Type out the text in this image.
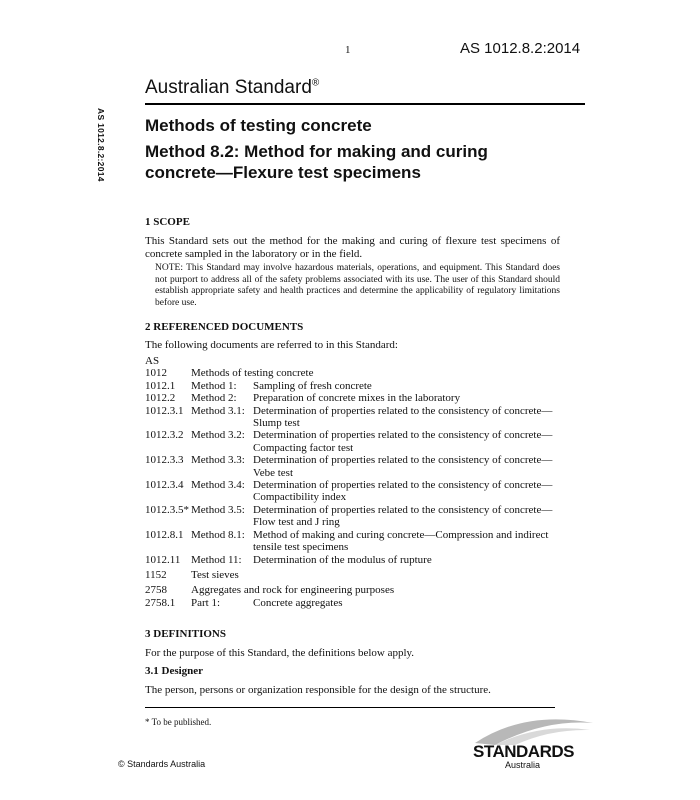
1	AS 1012.8.2:2014
Australian Standard®
AS 1012.8.2:2014 Methods of testing concrete
Method 8.2: Method for making and curing
concrete—Flexure test specimens
1 SCOPE
This Standard sets out the method for the making and curing of flexure test specimens of concrete sampled in the laboratory or in the field.
NOTE: This Standard may involve hazardous materials, operations, and equipment. This Standard does not purport to address all of the safety problems associated with its use. The user of this Standard should establish appropriate safety and health practices and determine the applicability of regulatory limitations before use.
2 REFERENCED DOCUMENTS
The following documents are referred to in this Standard:
AS
1012	Methods of testing concrete
1012.1	Method 1:	Sampling of fresh concrete
1012.2	Method 2:	Preparation of concrete mixes in the laboratory
1012.3.1 Method 3.1: Determination of properties related to the consistency of concrete—
Slump test
1012.3.2 Method 3.2: Determination of properties related to the consistency of concrete—
Compacting factor test
1012.3.3 Method 3.3: Determination of properties related to the consistency of concrete—
Vebe test
1012.3.4 Method 3.4: Determination of properties related to the consistency of concrete—
Compactibility index
1012.3.5* Method 3.5: Determination of properties related to the consistency of concrete—
Flow test and J ring
1012.8.1 Method 8.1: Method of making and curing concrete—Compression and indirect
tensile test specimens
1012.11 Method 11:	Determination of the modulus of rupture
1152	Test sieves
2758	Aggregates and rock for engineering purposes
2758.1	Part 1:	Concrete aggregates
3 DEFINITIONS
For the purpose of this Standard, the definitions below apply.
3.1 Designer
The person, persons or organization responsible for the design of the structure.
* To be published.
© Standards Australia
STANDARDS
Australia
